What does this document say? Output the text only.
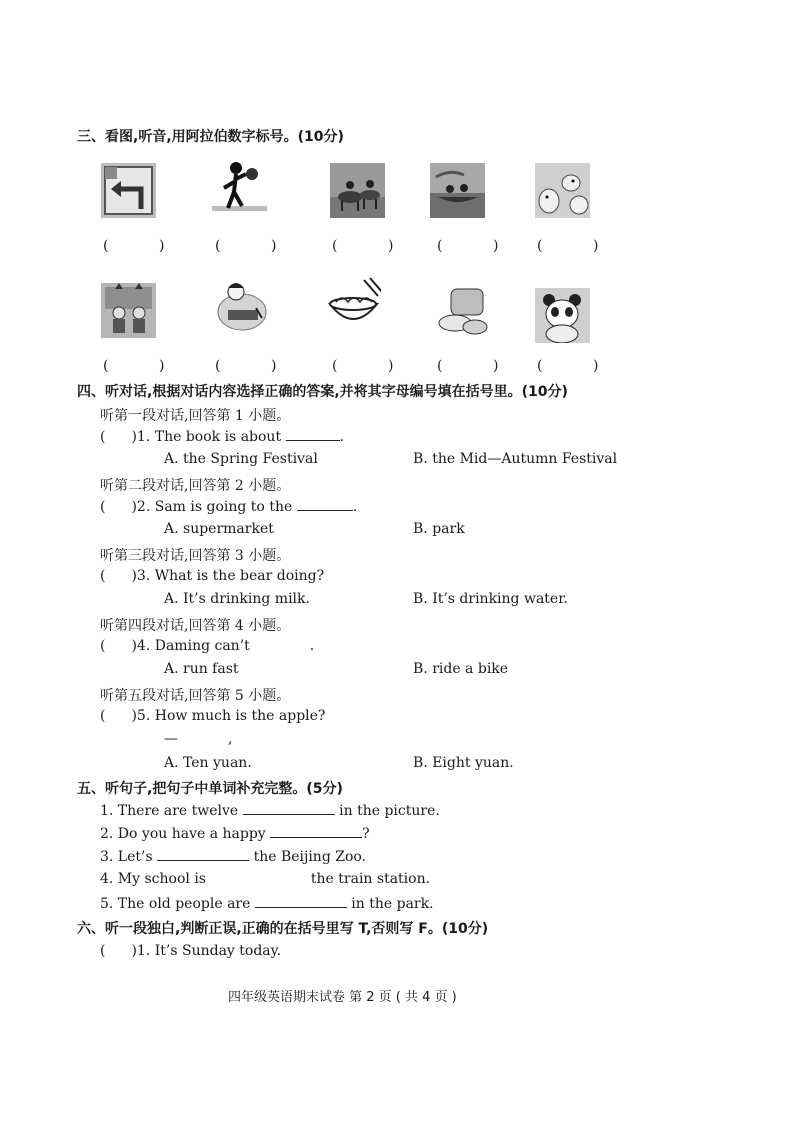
三、看图,听音,用阿拉伯数字标号。(10分)
(	)	(	)	(	)	(	)	(	)
(	)	(	)	(	)	(	)	(	)
四、听对话,根据对话内容选择正确的答案,并将其字母编号填在括号里。(10分)
听第一段对话,回答第 1 小题。
( )1. The book is about	.
A. the Spring Festival	B. the Mid—Autumn Festival
听第二段对话,回答第 2 小题。
( )2. Sam is going to the	.
A. supermarket	B. park
听第三段对话,回答第 3 小题。
( )3. What is the bear doing?
A. It’s drinking milk.	B. It’s drinking water.
听第四段对话,回答第 4 小题。
( )4. Daming can’t	.
A. run fast	B. ride a bike
听第五段对话,回答第 5 小题。
( )5. How much is the apple?
—	,
A. Ten yuan.	B. Eight yuan.
五、听句子,把句子中单词补充完整。(5分)
1. There are twelve	in the picture.
2. Do you have a happy	?
3. Let’s	the Beijing Zoo.
4. My school is	the train station.
5. The old people are	in the park.
六、听一段独白,判断正误,正确的在括号里写 T,否则写 F。(10分)
( )1. It’s Sunday today.
四年级英语期末试卷 第 2 页 ( 共 4 页 )
